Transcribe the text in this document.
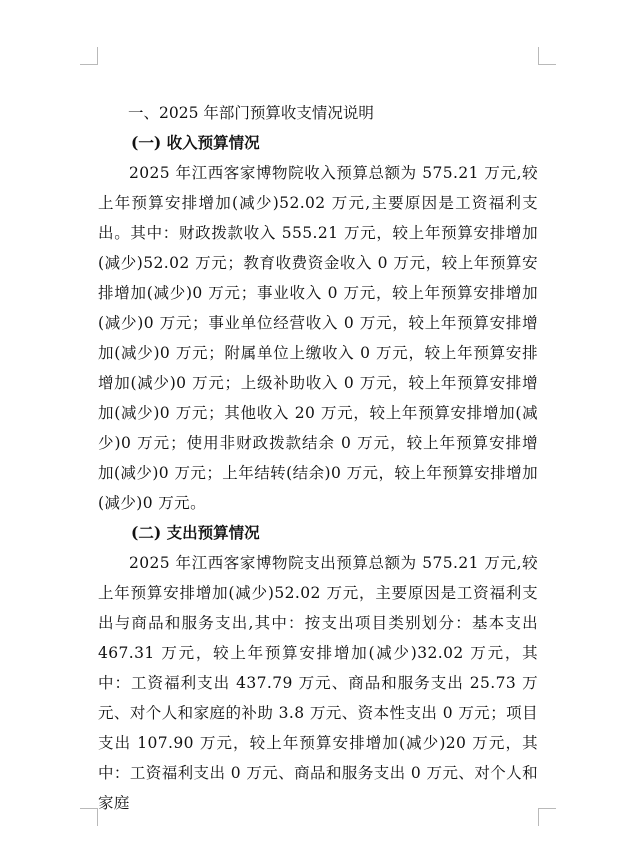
一、2025 年部门预算收支情况说明
(一) 收入预算情况

2025 年江西客家博物院收入预算总额为 575.21 万元,较上年预算安排增加(减少)52.02 万元,主要原因是工资福利支出。其中：财政拨款收入 555.21 万元，较上年预算安排增加(减少)52.02 万元；教育收费资金收入 0 万元，较上年预算安排增加(减少)0 万元；事业收入 0 万元，较上年预算安排增加(减少)0 万元；事业单位经营收入 0 万元，较上年预算安排增加(减少)0 万元；附属单位上缴收入 0 万元，较上年预算安排增加(减少)0 万元；上级补助收入 0 万元，较上年预算安排增加(减少)0 万元；其他收入 20 万元，较上年预算安排增加(减少)0 万元；使用非财政拨款结余 0 万元，较上年预算安排增加(减少)0 万元；上年结转(结余)0 万元，较上年预算安排增加(减少)0 万元。

(二) 支出预算情况

2025 年江西客家博物院支出预算总额为 575.21 万元,较上年预算安排增加(减少)52.02 万元，主要原因是工资福利支出与商品和服务支出,其中：按支出项目类别划分：基本支出 467.31 万元，较上年预算安排增加(减少)32.02 万元，其中：工资福利支出 437.79 万元、商品和服务支出 25.73 万元、对个人和家庭的补助 3.8 万元、资本性支出 0 万元；项目支出 107.90 万元，较上年预算安排增加(减少)20 万元，其中：工资福利支出 0 万元、商品和服务支出 0 万元、对个人和家庭
